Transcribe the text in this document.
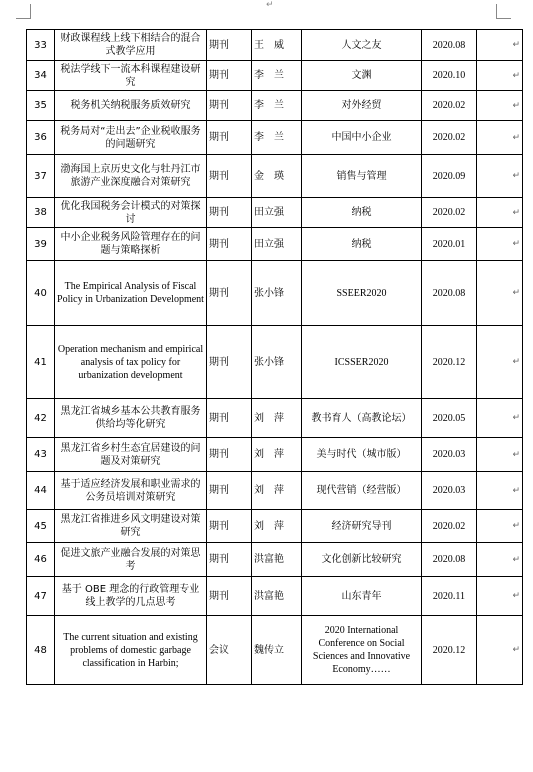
↵
33	财政课程线上线下相结合的混合式教学应用	期刊	王　威	人文之友	2020.08	↵
34	税法学线下一流本科课程建设研究	期刊	李　兰	文渊	2020.10	↵
35	税务机关纳税服务质效研究	期刊	李　兰	对外经贸	2020.02	↵
36	税务局对“走出去”企业税收服务的问题研究	期刊	李　兰	中国中小企业	2020.02	↵
37	渤海国上京历史文化与牡丹江市旅游产业深度融合对策研究	期刊	金　瑛	销售与管理	2020.09	↵
38	优化我国税务会计模式的对策探讨	期刊	田立强	纳税	2020.02	↵
39	中小企业税务风险管理存在的问题与策略探析	期刊	田立强	纳税	2020.01	↵
40	The Empirical Analysis of Fiscal Policy in Urbanization Development	期刊	张小锋	SSEER2020	2020.08	↵
41	Operation mechanism and empirical analysis of tax policy for urbanization development	期刊	张小锋	ICSSER2020	2020.12	↵
42	黑龙江省城乡基本公共教育服务供给均等化研究	期刊	刘　萍	教书育人（高教论坛）	2020.05	↵
43	黑龙江省乡村生态宜居建设的问题及对策研究	期刊	刘　萍	美与时代（城市版）	2020.03	↵
44	基于适应经济发展和职业需求的公务员培训对策研究	期刊	刘　萍	现代营销（经营版）	2020.03	↵
45	黑龙江省推进乡风文明建设对策研究	期刊	刘　萍	经济研究导刊	2020.02	↵
46	促进文旅产业融合发展的对策思考	期刊	洪富艳	文化创新比较研究	2020.08	↵
47	基于 OBE 理念的行政管理专业线上教学的几点思考	期刊	洪富艳	山东青年	2020.11	↵
48	The current situation and existing problems of domestic garbage classification in Harbin;	会议	魏传立	2020 International Conference on Social Sciences and Innovative Economy……	2020.12	↵
